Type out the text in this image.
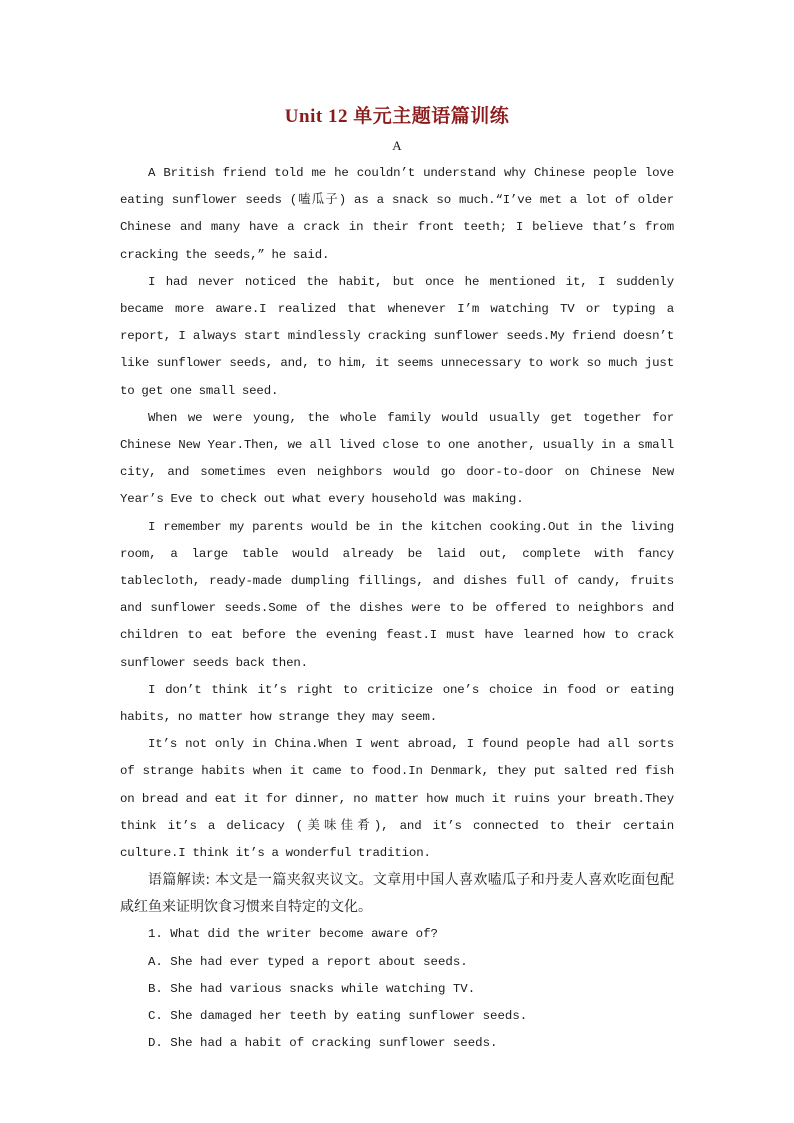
Unit 12 单元主题语篇训练
A

A British friend told me he couldn’t understand why Chinese people love eating sunflower seeds (嗑瓜子) as a snack so much.“I’ve met a lot of older Chinese and many have a crack in their front teeth; I believe that’s from cracking the seeds,” he said.

I had never noticed the habit, but once he mentioned it, I suddenly became more aware.I realized that whenever I’m watching TV or typing a report, I always start mindlessly cracking sunflower seeds.My friend doesn’t like sunflower seeds, and, to him, it seems unnecessary to work so much just to get one small seed.

When we were young, the whole family would usually get together for Chinese New Year.Then, we all lived close to one another, usually in a small city, and sometimes even neighbors would go door-to-door on Chinese New Year’s Eve to check out what every household was making.

I remember my parents would be in the kitchen cooking.Out in the living room, a large table would already be laid out, complete with fancy tablecloth, ready-made dumpling fillings, and dishes full of candy, fruits and sunflower seeds.Some of the dishes were to be offered to neighbors and children to eat before the evening feast.I must have learned how to crack sunflower seeds back then.

I don’t think it’s right to criticize one’s choice in food or eating habits, no matter how strange they may seem.

It’s not only in China.When I went abroad, I found people had all sorts of strange habits when it came to food.In Denmark, they put salted red fish on bread and eat it for dinner, no matter how much it ruins your breath.They think it’s a delicacy (美味佳肴), and it’s connected to their certain culture.I think it’s a wonderful tradition.

语篇解读: 本文是一篇夹叙夹议文。文章用中国人喜欢嗑瓜子和丹麦人喜欢吃面包配咸红鱼来证明饮食习惯来自特定的文化。

1. What did the writer become aware of?

A. She had ever typed a report about seeds.

B. She had various snacks while watching TV.

C. She damaged her teeth by eating sunflower seeds.

D. She had a habit of cracking sunflower seeds.
